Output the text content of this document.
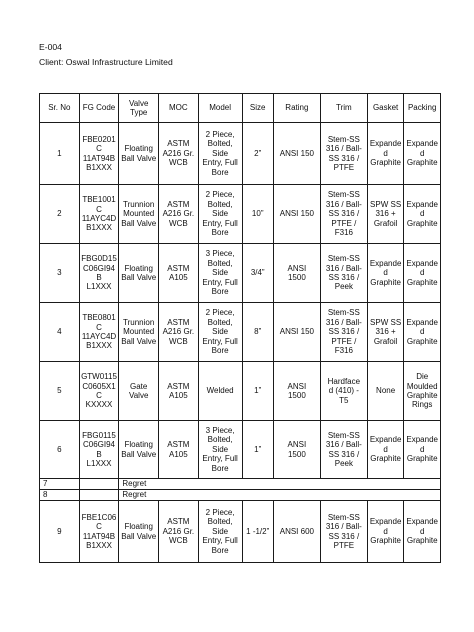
E-004
Client: Oswal Infrastructure Limited
Sr. No	FG Code	Valve
Type	MOC	Model	Size	Rating	Trim	Gasket	Packing
1	FBE0201C
11AT94B
B1XXX	Floating
Ball Valve	ASTM
A216 Gr.
WCB	2 Piece,
Bolted,
Side
Entry, Full
Bore	2”	ANSI 150	Stem-SS
316 / Ball-
SS 316 /
PTFE	Expanded
Graphite	Expanded
Graphite
2	TBE1001C
11AYC4D
B1XXX	Trunnion
Mounted
Ball Valve	ASTM
A216 Gr.
WCB	2 Piece,
Bolted,
Side
Entry, Full
Bore	10”	ANSI 150	Stem-SS
316 / Ball-
SS 316 /
PTFE /
F316	SPW SS
316 +
Grafoil	Expanded
Graphite
3	FBG0D15
C06GI94B
L1XXX	Floating
Ball Valve	ASTM
A105	3 Piece,
Bolted,
Side
Entry, Full
Bore	3/4”	ANSI
1500	Stem-SS
316 / Ball-
SS 316 /
Peek	Expanded
Graphite	Expanded
Graphite
4	TBE0801C
11AYC4D
B1XXX	Trunnion
Mounted
Ball Valve	ASTM
A216 Gr.
WCB	2 Piece,
Bolted,
Side
Entry, Full
Bore	8”	ANSI 150	Stem-SS
316 / Ball-
SS 316 /
PTFE /
F316	SPW SS
316 +
Grafoil	Expanded
Graphite
5	GTW0115
C0605X1C
KXXXX	Gate
Valve	ASTM
A105	Welded	1”	ANSI
1500	Hardface
d (410) -
T5	None	Die
Moulded
Graphite
Rings
6	FBG0115
C06GI94B
L1XXX	Floating
Ball Valve	ASTM
A105	3 Piece,
Bolted,
Side
Entry, Full
Bore	1”	ANSI
1500	Stem-SS
316 / Ball-
SS 316 /
Peek	Expanded
Graphite	Expanded
Graphite
7		Regret							
8		Regret							
9	FBE1C06C
11AT94B
B1XXX	Floating
Ball Valve	ASTM
A216 Gr.
WCB	2 Piece,
Bolted,
Side
Entry, Full
Bore	1 -1/2”	ANSI 600	Stem-SS
316 / Ball-
SS 316 /
PTFE	Expanded
Graphite	Expanded
Graphite
